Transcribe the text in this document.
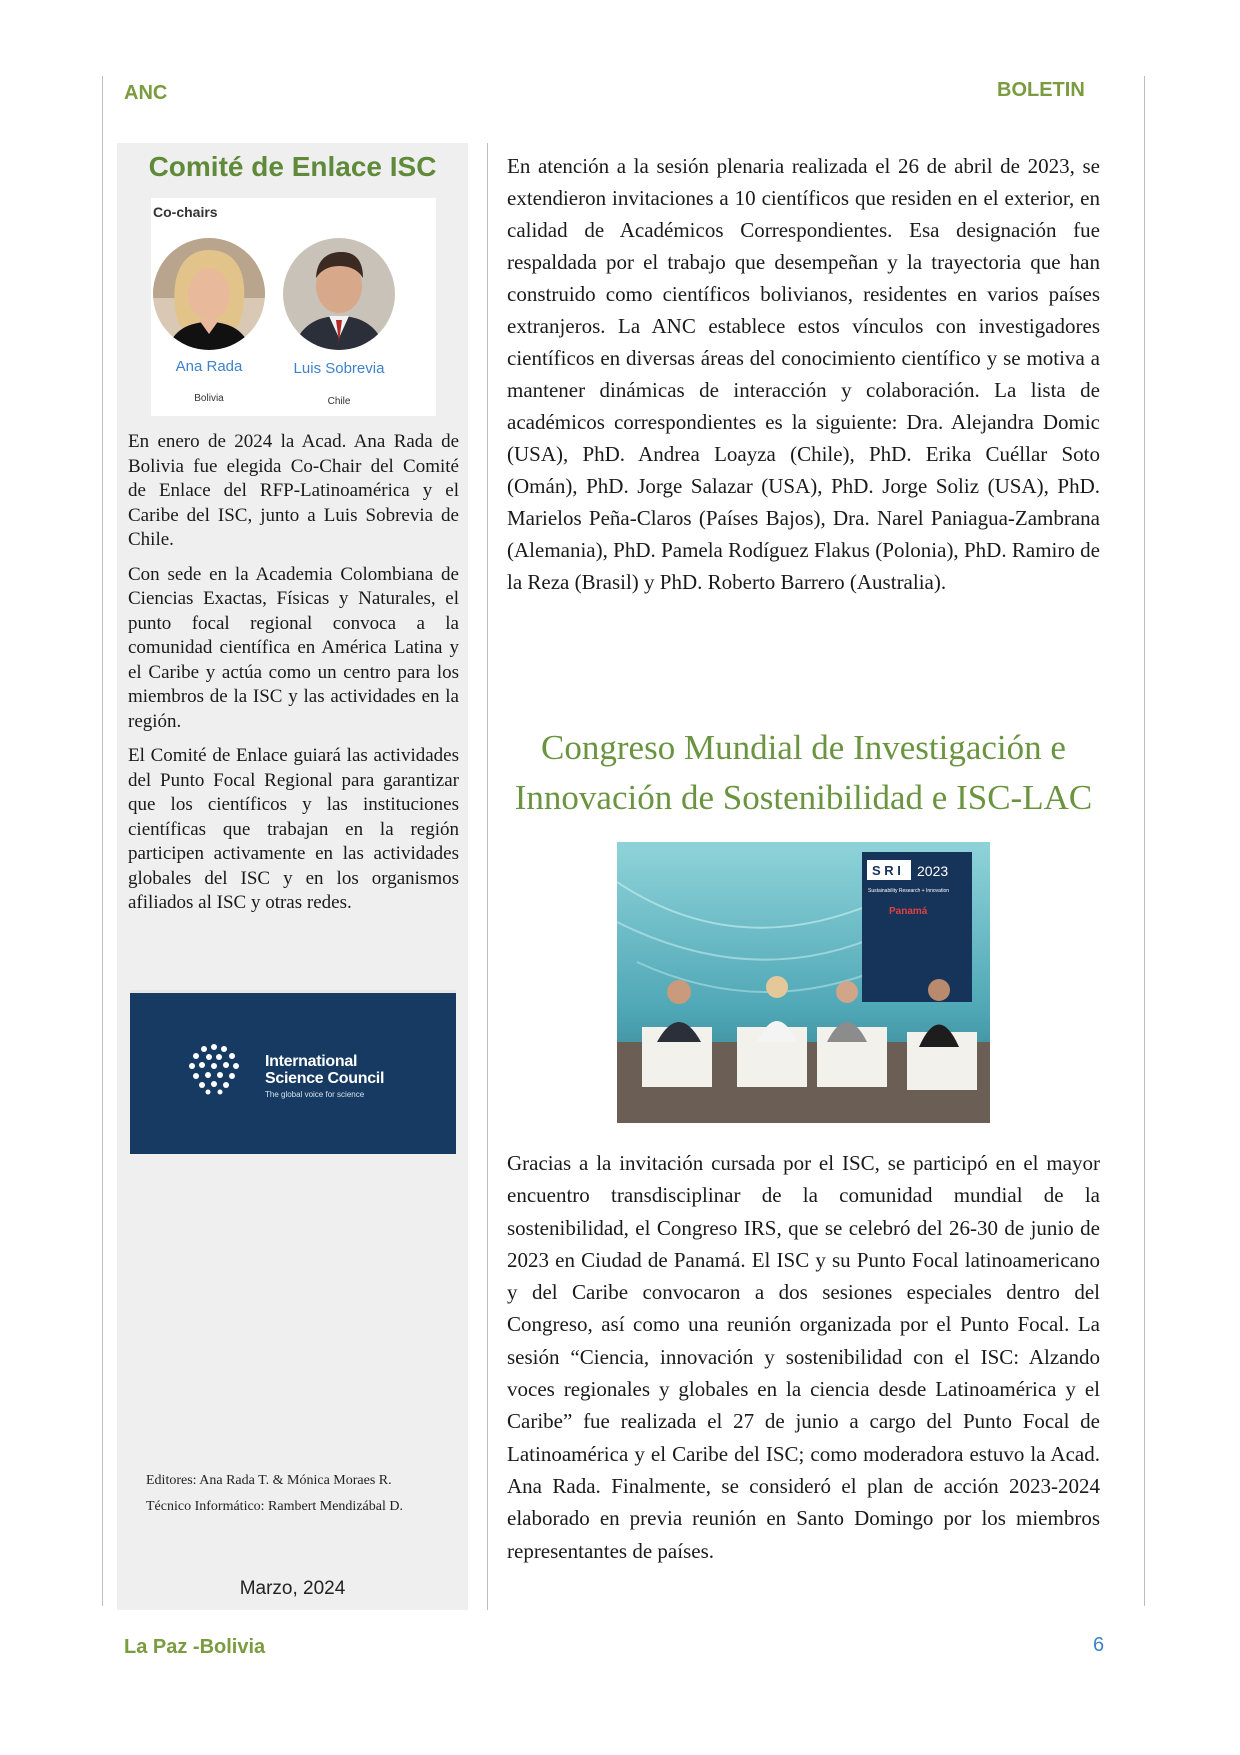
ANC	BOLETIN
Comité de Enlace ISC
Co-chairs
Ana Rada	Luis Sobrevia
Bolivia	Chile

En enero de 2024 la Acad. Ana Rada de Bolivia fue elegida Co-Chair del Comité de Enlace del RFP-Latinoamérica y el Caribe del ISC, junto a Luis Sobrevia de Chile.

Con sede en la Academia Colombiana de Ciencias Exactas, Físicas y Naturales, el punto focal regional convoca a la comunidad científica en América Latina y el Caribe y actúa como un centro para los miembros de la ISC y las actividades en la región.

El Comité de Enlace guiará las actividades del Punto Focal Regional para garantizar que los científicos y las instituciones científicas que trabajan en la región participen activamente en las actividades globales del ISC y en los organismos afiliados al ISC y otras redes.

International
Science Council
The global voice for science
Editores: Ana Rada T. & Mónica Moraes R.
Técnico Informático: Rambert Mendizábal D.
Marzo, 2024
En atención a la sesión plenaria realizada el 26 de abril de 2023, se extendieron invitaciones a 10 científicos que residen en el exterior, en calidad de Académicos Correspondientes. Esa designación fue respaldada por el trabajo que desempeñan y la trayectoria que han construido como científicos bolivianos, residentes en varios países extranjeros. La ANC establece estos vínculos con investigadores científicos en diversas áreas del conocimiento científico y se motiva a mantener dinámicas de interacción y colaboración. La lista de académicos correspondientes es la siguiente: Dra. Alejandra Domic (USA), PhD. Andrea Loayza (Chile), PhD. Erika Cuéllar Soto (Omán), PhD. Jorge Salazar (USA), PhD. Jorge Soliz (USA), PhD. Marielos Peña-Claros (Países Bajos), Dra. Narel Paniagua-Zambrana (Alemania), PhD. Pamela Rodíguez Flakus (Polonia), PhD. Ramiro de la Reza (Brasil) y PhD. Roberto Barrero (Australia).
Congreso Mundial de Investigación e
Innovación de Sostenibilidad e ISC-LAC
S R I 2023
Sustainability Research + Innovation
Panamá
Gracias a la invitación cursada por el ISC, se participó en el mayor encuentro transdisciplinar de la comunidad mundial de la sostenibilidad, el Congreso IRS, que se celebró del 26-30 de junio de 2023 en Ciudad de Panamá. El ISC y su Punto Focal latinoamericano y del Caribe convocaron a dos sesiones especiales dentro del Congreso, así como una reunión organizada por el Punto Focal. La sesión “Ciencia, innovación y sostenibilidad con el ISC: Alzando voces regionales y globales en la ciencia desde Latinoamérica y el Caribe” fue realizada el 27 de junio a cargo del Punto Focal de Latinoamérica y el Caribe del ISC; como moderadora estuvo la Acad. Ana Rada. Finalmente, se consideró el plan de acción 2023-2024 elaborado en previa reunión en Santo Domingo por los miembros representantes de países.
La Paz -Bolivia	6
